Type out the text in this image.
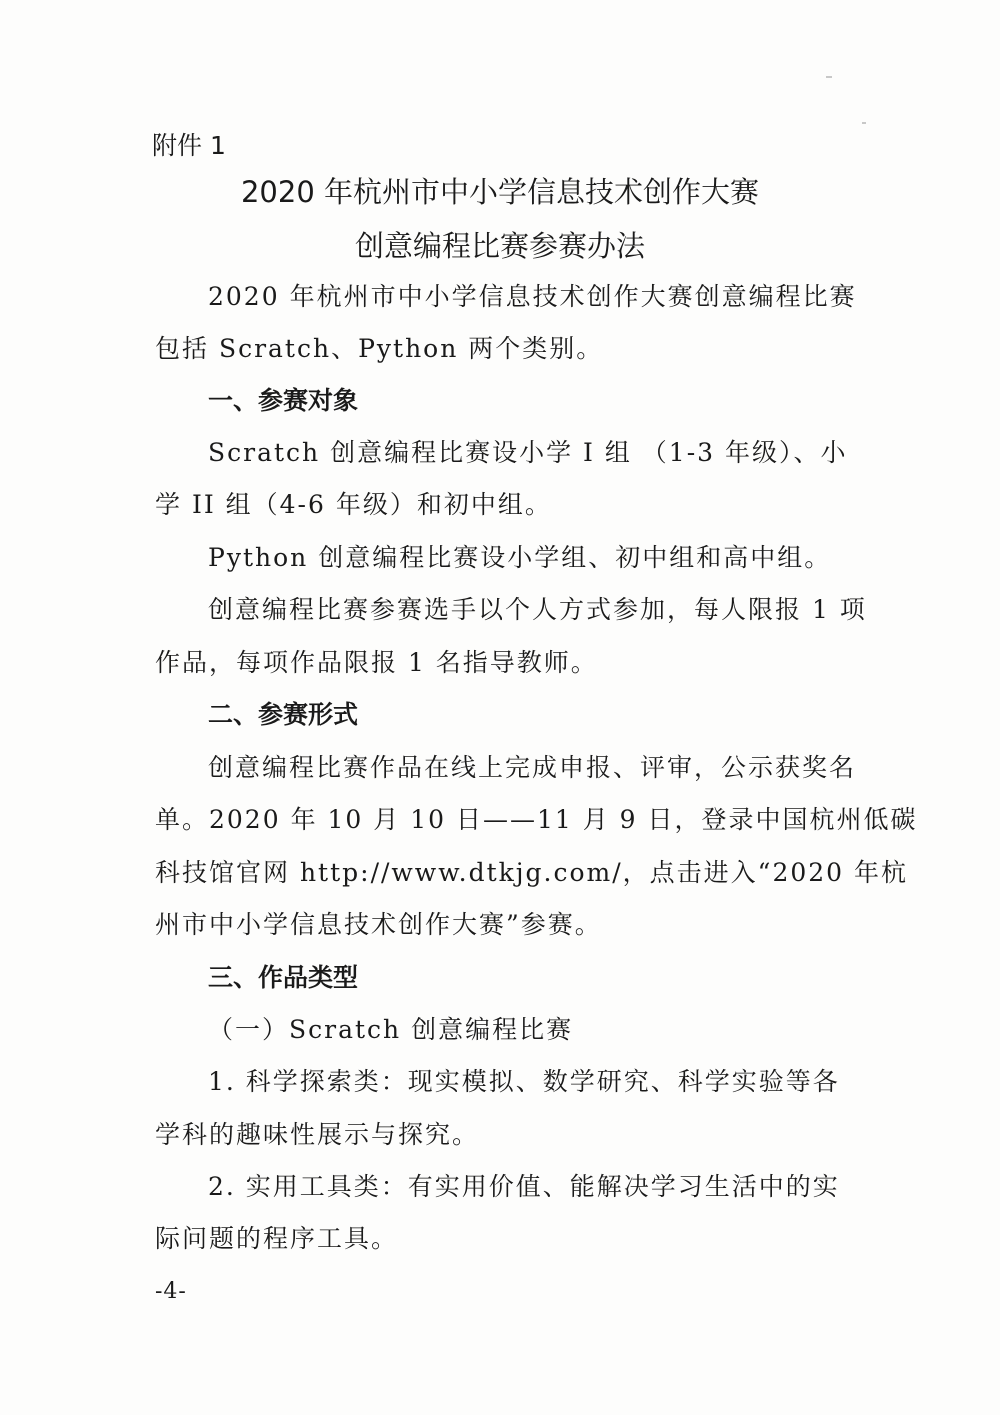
附件 1
2020 年杭州市中小学信息技术创作大赛
创意编程比赛参赛办法
2020 年杭州市中小学信息技术创作大赛创意编程比赛
包括 Scratch、Python 两个类别。
一、参赛对象
Scratch 创意编程比赛设小学 I 组 （1-3 年级）、小
学 II 组（4-6 年级）和初中组。
Python 创意编程比赛设小学组、初中组和高中组。
创意编程比赛参赛选手以个人方式参加，每人限报 1 项
作品，每项作品限报 1 名指导教师。
二、参赛形式
创意编程比赛作品在线上完成申报、评审，公示获奖名
单。2020 年 10 月 10 日——11 月 9 日，登录中国杭州低碳
科技馆官网 http://www.dtkjg.com/，点击进入“2020 年杭
州市中小学信息技术创作大赛”参赛。
三、作品类型
（一）Scratch 创意编程比赛
1. 科学探索类：现实模拟、数学研究、科学实验等各
学科的趣味性展示与探究。
2. 实用工具类：有实用价值、能解决学习生活中的实
际问题的程序工具。
-4-
